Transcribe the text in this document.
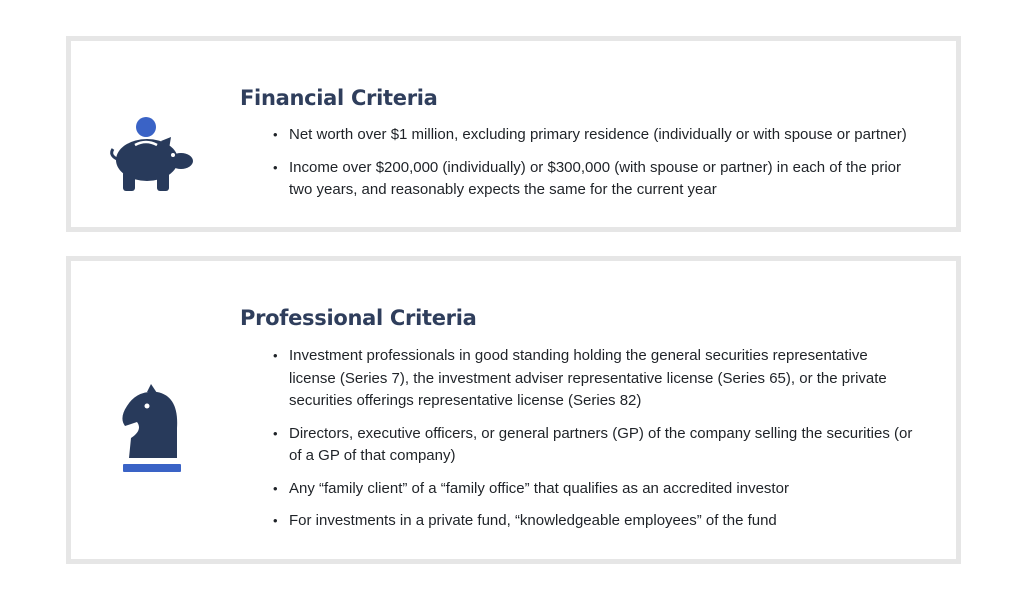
Financial Criteria
• Net worth over $1 million, excluding primary residence (individually or with spouse or partner)
• Income over $200,000 (individually) or $300,000 (with spouse or partner) in each of the prior two years, and reasonably expects the same for the current year
Professional Criteria
• Investment professionals in good standing holding the general securities representative license (Series 7), the investment adviser representative license (Series 65), or the private securities offerings representative license (Series 82)
• Directors, executive officers, or general partners (GP) of the company selling the securities (or of a GP of that company)
• Any “family client” of a “family office” that qualifies as an accredited investor
• For investments in a private fund, “knowledgeable employees” of the fund
